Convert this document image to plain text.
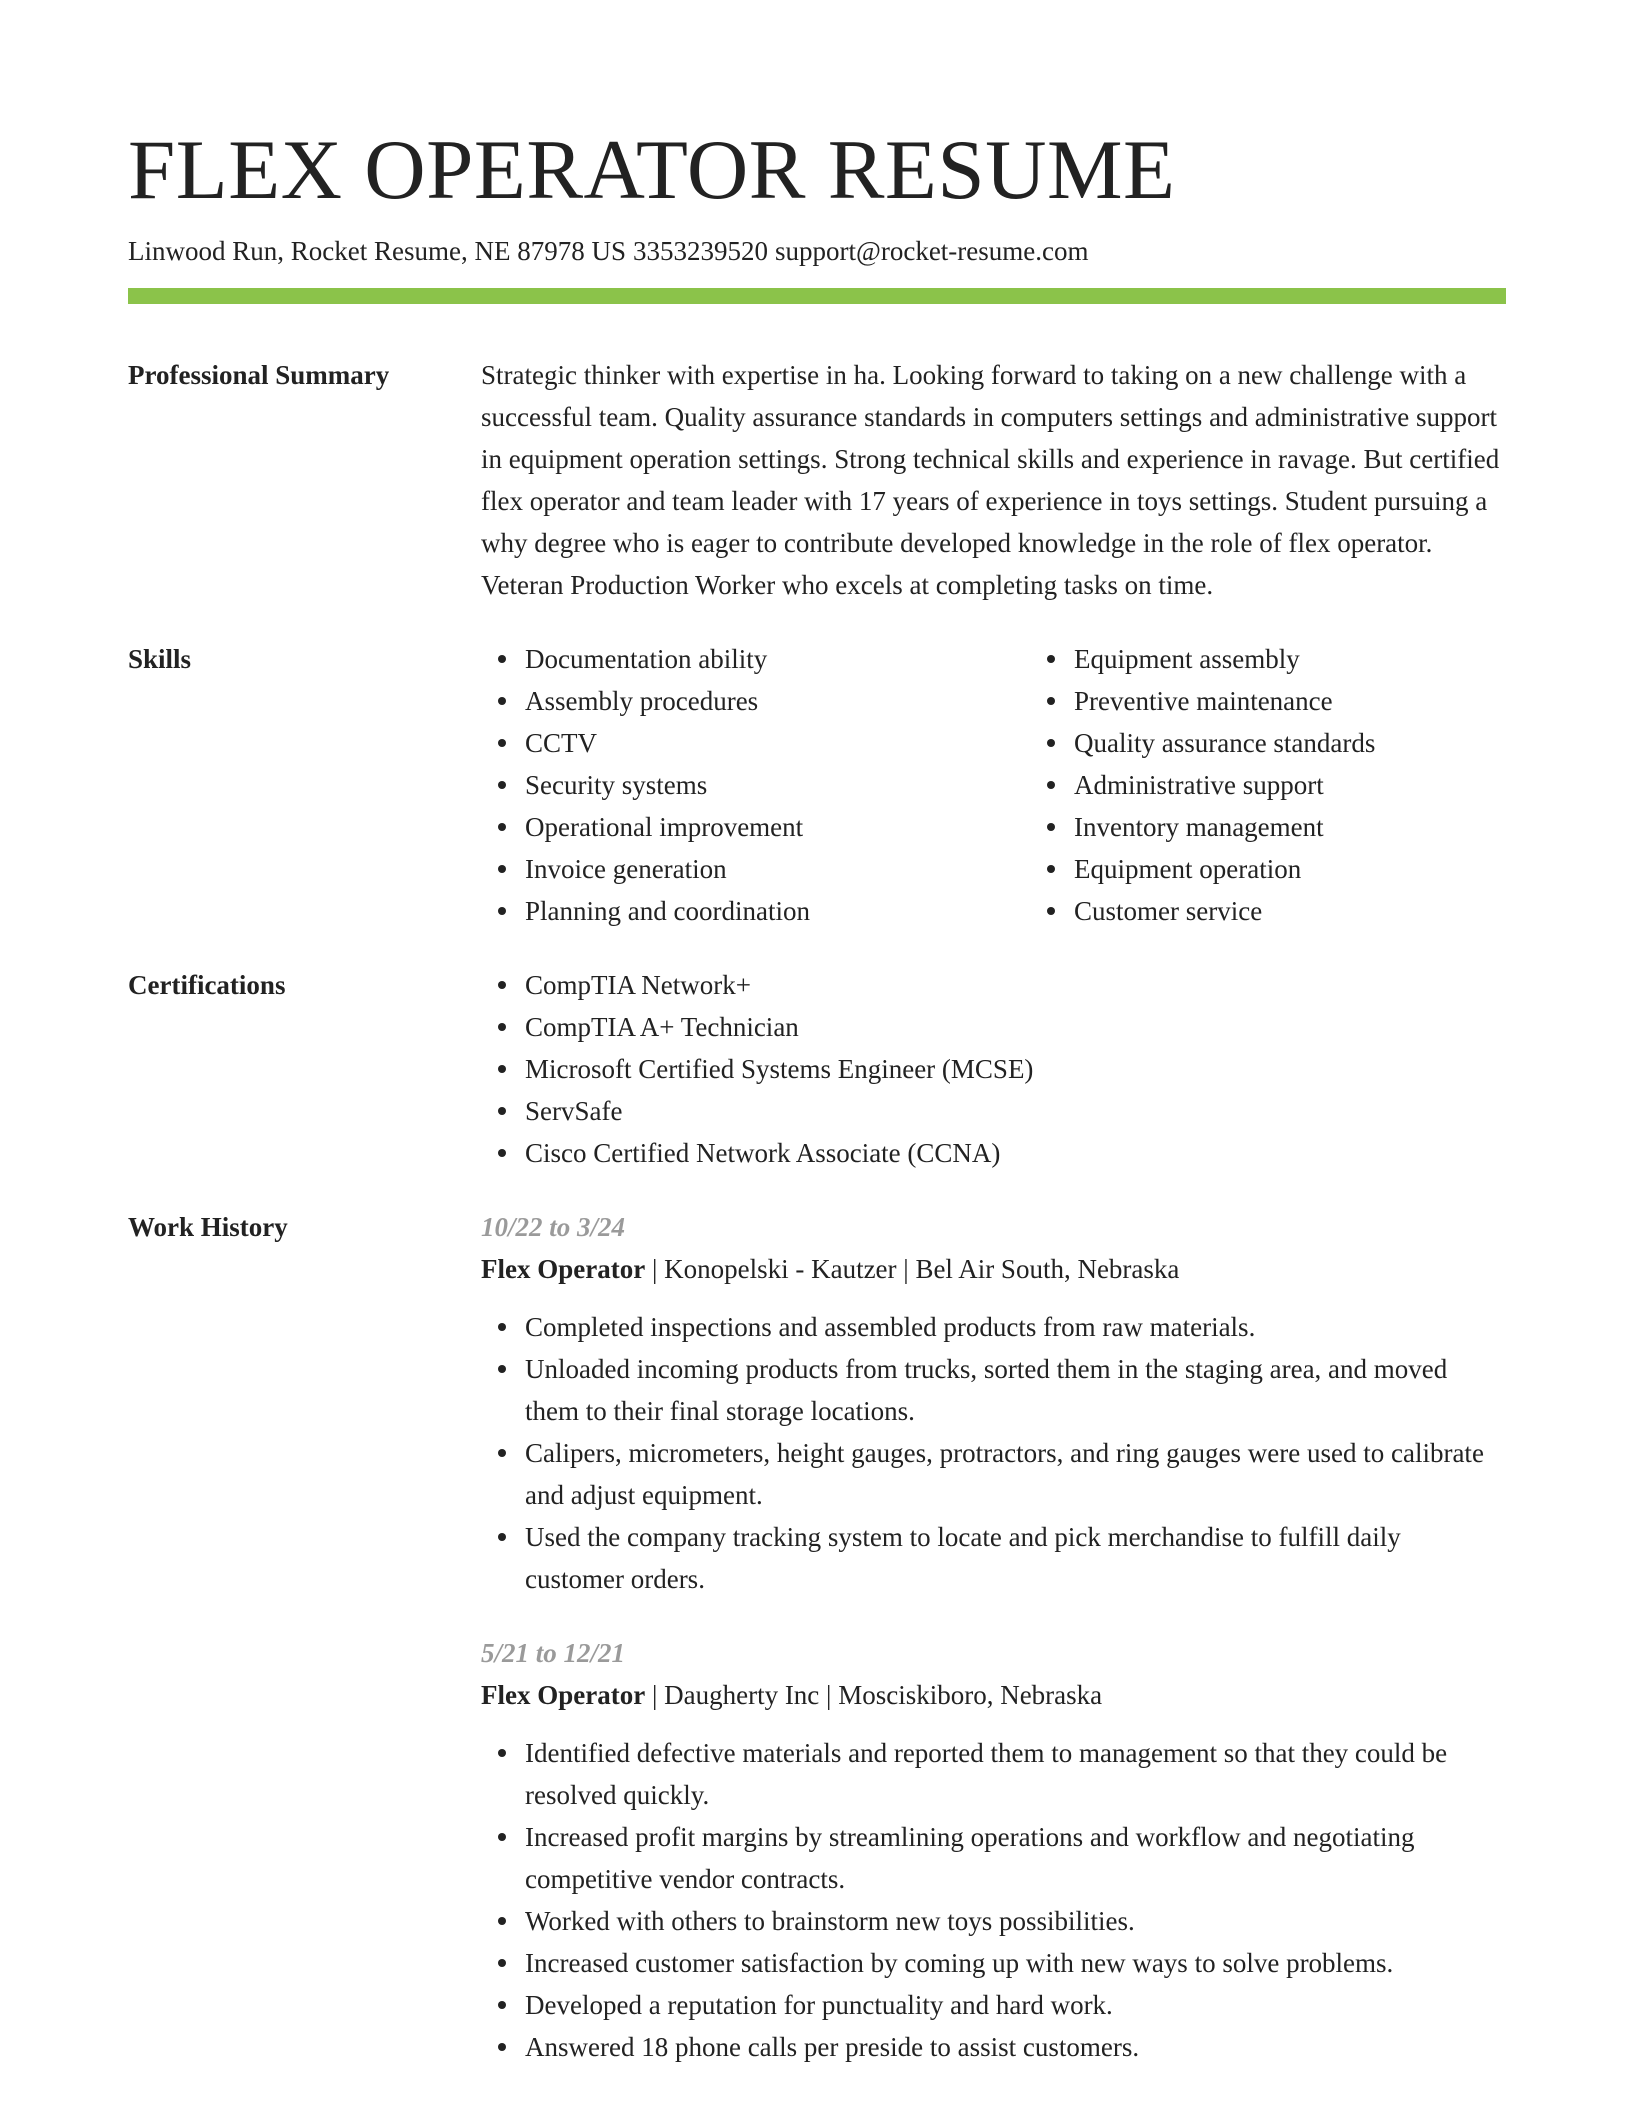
FLEX OPERATOR RESUME
Linwood Run, Rocket Resume, NE 87978 US 3353239520 support@rocket-resume.com
Professional Summary	Strategic thinker with expertise in ha. Looking forward to taking on a new challenge with a successful team. Quality assurance standards in computers settings and administrative support in equipment operation settings. Strong technical skills and experience in ravage. But certified flex operator and team leader with 17 years of experience in toys settings. Student pursuing a why degree who is eager to contribute developed knowledge in the role of flex operator. Veteran Production Worker who excels at completing tasks on time.
Skills	Documentation ability
Assembly procedures
CCTV
Security systems
Operational improvement
Invoice generation
Planning and coordination
Equipment assembly
Preventive maintenance
Quality assurance standards
Administrative support
Inventory management
Equipment operation
Customer service
Certifications	CompTIA Network+
CompTIA A+ Technician
Microsoft Certified Systems Engineer (MCSE)
ServSafe
Cisco Certified Network Associate (CCNA)
Work History	10/22 to 3/24
Flex Operator | Konopelski - Kautzer | Bel Air South, Nebraska
Completed inspections and assembled products from raw materials.
Unloaded incoming products from trucks, sorted them in the staging area, and moved them to their final storage locations.
Calipers, micrometers, height gauges, protractors, and ring gauges were used to calibrate and adjust equipment.
Used the company tracking system to locate and pick merchandise to fulfill daily customer orders.
5/21 to 12/21
Flex Operator | Daugherty Inc | Mosciskiboro, Nebraska
Identified defective materials and reported them to management so that they could be resolved quickly.
Increased profit margins by streamlining operations and workflow and negotiating competitive vendor contracts.
Worked with others to brainstorm new toys possibilities.
Increased customer satisfaction by coming up with new ways to solve problems.
Developed a reputation for punctuality and hard work.
Answered 18 phone calls per preside to assist customers.
